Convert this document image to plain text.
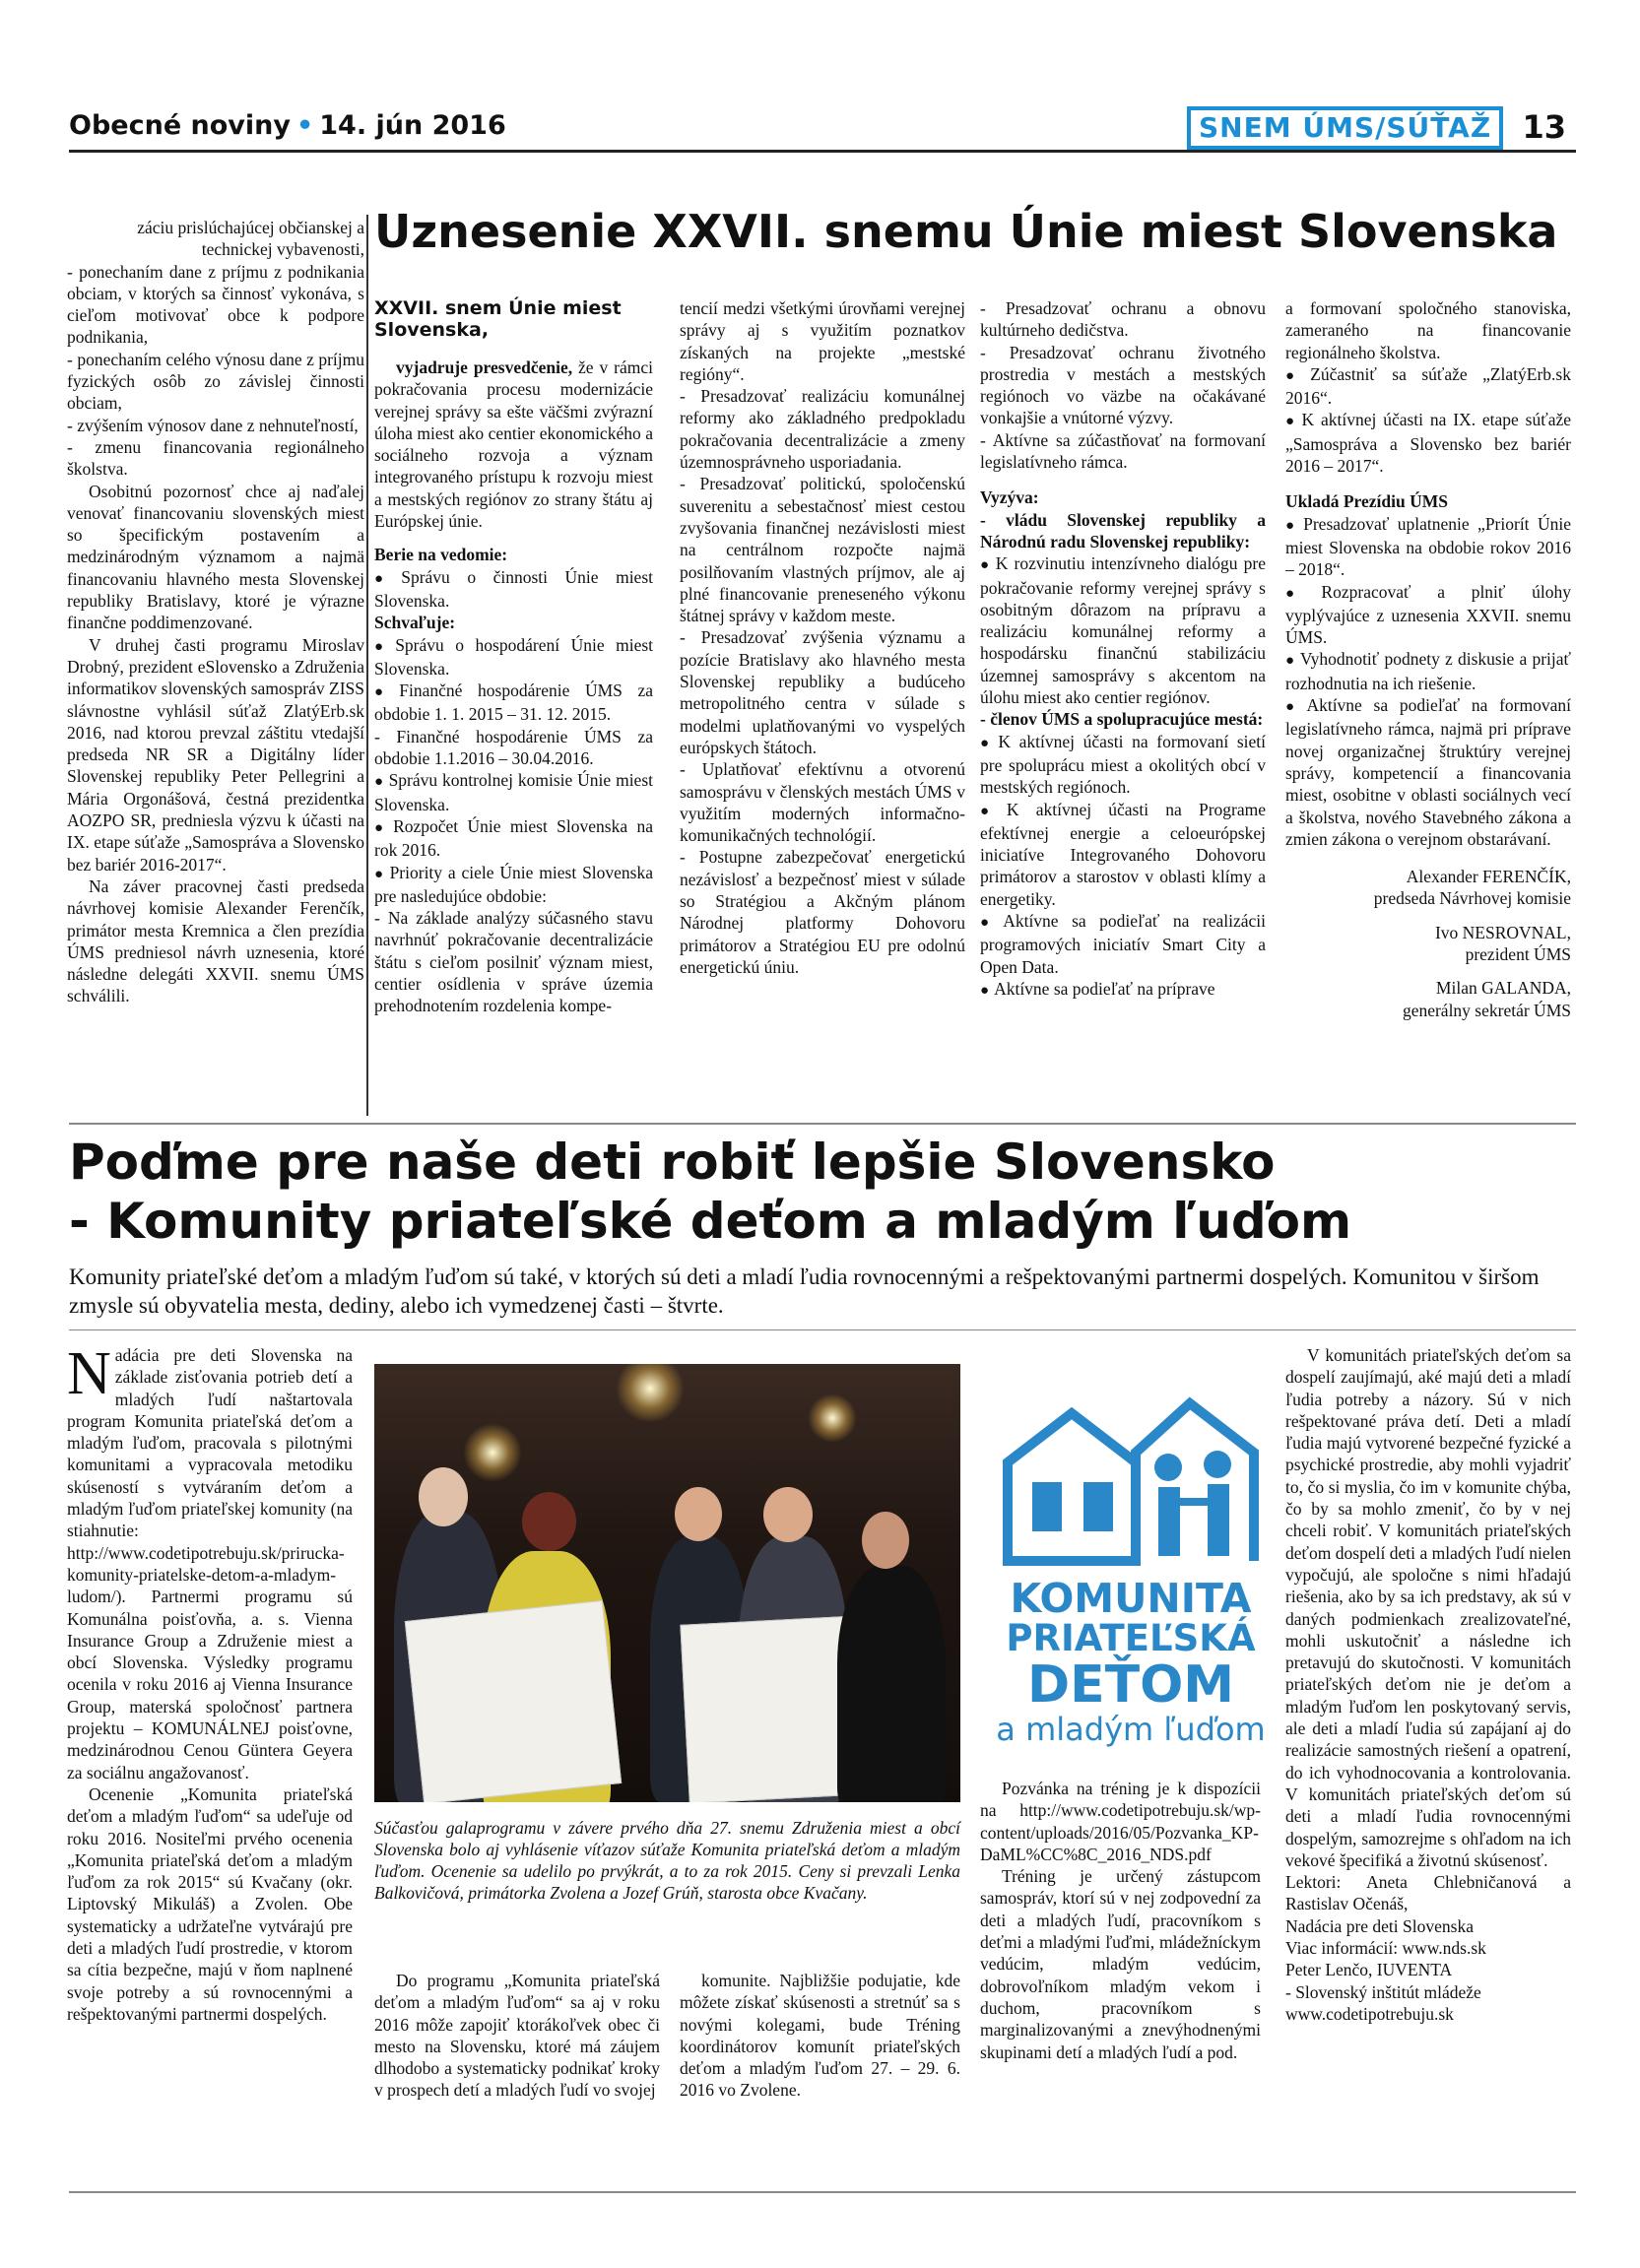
Obecné noviny • 14. jún 2016	SNEM ÚMS/SÚŤAŽ 13

záciu prislúchajúcej občianskej a technickej vybavenosti,

- ponechaním dane z príjmu z podnikania obciam, v ktorých sa činnosť vykonáva, s cieľom motivovať obce k podpore podnikania,

- ponechaním celého výnosu dane z príjmu fyzických osôb zo závislej činnosti obciam,

- zvýšením výnosov dane z nehnuteľností,

- zmenu financovania regionálneho školstva.

Osobitnú pozornosť chce aj naďalej venovať financovaniu slovenských miest so špecifickým postavením a medzinárodným významom a najmä financovaniu hlavného mesta Slovenskej republiky Bratislavy, ktoré je výrazne finančne poddimenzované.

V druhej časti programu Miroslav Drobný, prezident eSlovensko a Združenia informatikov slovenských samospráv ZISS slávnostne vyhlásil súťaž ZlatýErb.sk 2016, nad ktorou prevzal záštitu vtedajší predseda NR SR a Digitálny líder Slovenskej republiky Peter Pellegrini a Mária Orgonášová, čestná prezidentka AOZPO SR, predniesla výzvu k účasti na IX. etape súťaže „Samospráva a Slovensko bez bariér 2016-2017“.

Na záver pracovnej časti predseda návrhovej komisie Alexander Ferenčík, primátor mesta Kremnica a člen prezídia ÚMS predniesol návrh uznesenia, ktoré následne delegáti XXVII. snemu ÚMS schválili.

Uznesenie XXVII. snemu Únie miest Slovenska

XXVII. snem Únie miest Slovenska,

vyjadruje presvedčenie, že v rámci pokračovania procesu modernizácie verejnej správy sa ešte väčšmi zvýrazní úloha miest ako centier ekonomického a sociálneho rozvoja a význam integrovaného prístupu k rozvoju miest a mestských regiónov zo strany štátu aj Európskej únie.

Berie na vedomie:

● Správu o činnosti Únie miest Slovenska.

Schvaľuje:

● Správu o hospodárení Únie miest Slovenska.

● Finančné hospodárenie ÚMS za obdobie 1. 1. 2015 – 31. 12. 2015.

- Finančné hospodárenie ÚMS za obdobie 1.1.2016 – 30.04.2016.

● Správu kontrolnej komisie Únie miest Slovenska.

● Rozpočet Únie miest Slovenska na rok 2016.

● Priority a ciele Únie miest Slovenska pre nasledujúce obdobie:

- Na základe analýzy súčasného stavu navrhnúť pokračovanie decentralizácie štátu s cieľom posilniť význam miest, centier osídlenia v správe územia prehodnotením rozdelenia kompe-

tencií medzi všetkými úrovňami verejnej správy aj s využitím poznatkov získaných na projekte „mestské regióny“.

- Presadzovať realizáciu komunálnej reformy ako základného predpokladu pokračovania decentralizácie a zmeny územnosprávneho usporiadania.

- Presadzovať politickú, spoločenskú suverenitu a sebestačnosť miest cestou zvyšovania finančnej nezávislosti miest na centrálnom rozpočte najmä posilňovaním vlastných príjmov, ale aj plné financovanie preneseného výkonu štátnej správy v každom meste.

- Presadzovať zvýšenia významu a pozície Bratislavy ako hlavného mesta Slovenskej republiky a budúceho metropolitného centra v súlade s modelmi uplatňovanými vo vyspelých európskych štátoch.

- Uplatňovať efektívnu a otvorenú samosprávu v členských mestách ÚMS v využitím moderných informačno-komunikačných technológií.

- Postupne zabezpečovať energetickú nezávislosť a bezpečnosť miest v súlade so Stratégiou a Akčným plánom Národnej platformy Dohovoru primátorov a Stratégiou EU pre odolnú energetickú úniu.

- Presadzovať ochranu a obnovu kultúrneho dedičstva.

- Presadzovať ochranu životného prostredia v mestách a mestských regiónoch vo väzbe na očakávané vonkajšie a vnútorné výzvy.

- Aktívne sa zúčastňovať na formovaní legislatívneho rámca.

Vyzýva:

- vládu Slovenskej republiky a Národnú radu Slovenskej republiky:

● K rozvinutiu intenzívneho dialógu pre pokračovanie reformy verejnej správy s osobitným dôrazom na prípravu a realizáciu komunálnej reformy a hospodársku finančnú stabilizáciu územnej samosprávy s akcentom na úlohu miest ako centier regiónov.

- členov ÚMS a spolupracujúce mestá:

● K aktívnej účasti na formovaní sietí pre spoluprácu miest a okolitých obcí v mestských regiónoch.

● K aktívnej účasti na Programe efektívnej energie a celoeurópskej iniciatíve Integrovaného Dohovoru primátorov a starostov v oblasti klímy a energetiky.

● Aktívne sa podieľať na realizácii programových iniciatív Smart City a Open Data.

● Aktívne sa podieľať na príprave

a formovaní spoločného stanoviska, zameraného na financovanie regionálneho školstva.

● Zúčastniť sa súťaže „ZlatýErb.sk 2016“.

● K aktívnej účasti na IX. etape súťaže „Samospráva a Slovensko bez bariér 2016 – 2017“.

Ukladá Prezídiu ÚMS

● Presadzovať uplatnenie „Priorít Únie miest Slovenska na obdobie rokov 2016 – 2018“.

● Rozpracovať a plniť úlohy vyplývajúce z uznesenia XXVII. snemu ÚMS.

● Vyhodnotiť podnety z diskusie a prijať rozhodnutia na ich riešenie.

● Aktívne sa podieľať na formovaní legislatívneho rámca, najmä pri príprave novej organizačnej štruktúry verejnej správy, kompetencií a financovania miest, osobitne v oblasti sociálnych vecí a školstva, nového Stavebného zákona a zmien zákona o verejnom obstarávaní.

Alexander FERENČÍK,

predseda Návrhovej komisie

Ivo NESROVNAL,

prezident ÚMS

Milan GALANDA,

generálny sekretár ÚMS

Poďme pre naše deti robiť lepšie Slovensko
- Komunity priateľské deťom a mladým ľuďom
Komunity priateľské deťom a mladým ľuďom sú také, v ktorých sú deti a mladí ľudia rovnocennými a rešpektovanými partnermi dospelých. Komunitou v širšom zmysle sú obyvatelia mesta, dediny, alebo ich vymedzenej časti – štvrte.

Nadácia pre deti Slovenska na základe zisťovania potrieb detí a mladých ľudí naštartovala program Komunita priateľská deťom a mladým ľuďom, pracovala s pilotnými komunitami a vypracovala metodiku skúseností s vytváraním deťom a mladým ľuďom priateľskej komunity (na stiahnutie: http://www.codetipotrebuju.sk/prirucka-komunity-priatelske-detom-a-mladym-ludom/). Partnermi programu sú Komunálna poisťovňa, a. s. Vienna Insurance Group a Združenie miest a obcí Slovenska. Výsledky programu ocenila v roku 2016 aj Vienna Insurance Group, materská spoločnosť partnera projektu – KOMUNÁLNEJ poisťovne, medzinárodnou Cenou Güntera Geyera za sociálnu angažovanosť.

Ocenenie „Komunita priateľská deťom a mladým ľuďom“ sa udeľuje od roku 2016. Nositeľmi prvého ocenenia „Komunita priateľská deťom a mladým ľuďom za rok 2015“ sú Kvačany (okr. Liptovský Mikuláš) a Zvolen. Obe systematicky a udržateľne vytvárajú pre deti a mladých ľudí prostredie, v ktorom sa cítia bezpečne, majú v ňom naplnené svoje potreby a sú rovnocennými a rešpektovanými partnermi dospelých.

Súčasťou galaprogramu v závere prvého dňa 27. snemu Združenia miest a obcí Slovenska bolo aj vyhlásenie víťazov súťaže Komunita priateľská deťom a mladým ľuďom. Ocenenie sa udelilo po prvýkrát, a to za rok 2015. Ceny si prevzali Lenka Balkovičová, primátorka Zvolena a Jozef Grúň, starosta obce Kvačany.

Do programu „Komunita priateľská deťom a mladým ľuďom“ sa aj v roku 2016 môže zapojiť ktorákoľvek obec či mesto na Slovensku, ktoré má záujem dlhodobo a systematicky podnikať kroky v prospech detí a mladých ľudí vo svojej

komunite. Najbližšie podujatie, kde môžete získať skúsenosti a stretnúť sa s novými kolegami, bude Tréning koordinátorov komunít priateľských deťom a mladým ľuďom 27. – 29. 6. 2016 vo Zvolene.

KOMUNITA
PRIATEĽSKÁ
DEŤOM
a mladým ľuďom

Pozvánka na tréning je k dispozícii na http://www.codetipotrebuju.sk/wp-content/uploads/2016/05/Pozvanka_KPDaML%CC%8C_2016_NDS.pdf

Tréning je určený zástupcom samospráv, ktorí sú v nej zodpovední za deti a mladých ľudí, pracovníkom s deťmi a mladými ľuďmi, mládežníckym vedúcim, mladým vedúcim, dobrovoľníkom mladým vekom i duchom, pracovníkom s marginalizovanými a znevýhodnenými skupinami detí a mladých ľudí a pod.

V komunitách priateľských deťom sa dospelí zaujímajú, aké majú deti a mladí ľudia potreby a názory. Sú v nich rešpektované práva detí. Deti a mladí ľudia majú vytvorené bezpečné fyzické a psychické prostredie, aby mohli vyjadriť to, čo si myslia, čo im v komunite chýba, čo by sa mohlo zmeniť, čo by v nej chceli robiť. V komunitách priateľských deťom dospelí deti a mladých ľudí nielen vypočujú, ale spoločne s nimi hľadajú riešenia, ako by sa ich predstavy, ak sú v daných podmienkach zrealizovateľné, mohli uskutočniť a následne ich pretavujú do skutočnosti. V komunitách priateľských deťom nie je deťom a mladým ľuďom len poskytovaný servis, ale deti a mladí ľudia sú zapájaní aj do realizácie samostných riešení a opatrení, do ich vyhodnocovania a kontrolovania. V komunitách priateľských deťom sú deti a mladí ľudia rovnocennými dospelým, samozrejme s ohľadom na ich vekové špecifiká a životnú skúsenosť.

Lektori: Aneta Chlebničanová a Rastislav Očenáš,

Nadácia pre deti Slovenska

Viac informácií: www.nds.sk

Peter Lenčo, IUVENTA

- Slovenský inštitút mládeže

www.codetipotrebuju.sk
